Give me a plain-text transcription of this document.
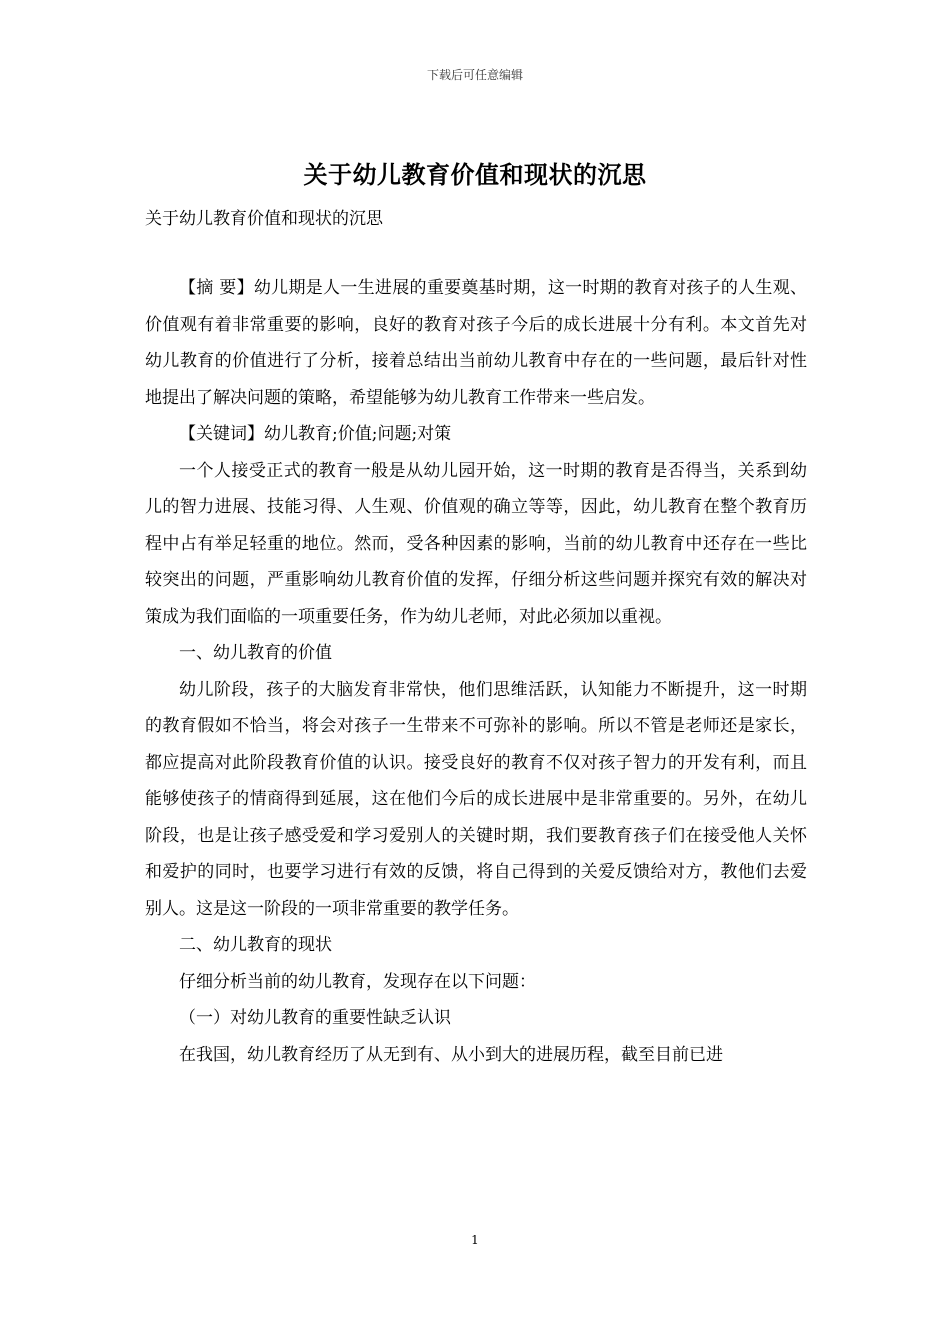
下载后可任意编辑
关于幼儿教育价值和现状的沉思
关于幼儿教育价值和现状的沉思

【摘 要】幼儿期是人一生进展的重要奠基时期，这一时期的教育对孩子的人生观、价值观有着非常重要的影响，良好的教育对孩子今后的成长进展十分有利。本文首先对幼儿教育的价值进行了分析，接着总结出当前幼儿教育中存在的一些问题，最后针对性地提出了解决问题的策略，希望能够为幼儿教育工作带来一些启发。

【关键词】幼儿教育;价值;问题;对策

一个人接受正式的教育一般是从幼儿园开始，这一时期的教育是否得当，关系到幼儿的智力进展、技能习得、人生观、价值观的确立等等，因此，幼儿教育在整个教育历程中占有举足轻重的地位。然而，受各种因素的影响，当前的幼儿教育中还存在一些比较突出的问题，严重影响幼儿教育价值的发挥，仔细分析这些问题并探究有效的解决对策成为我们面临的一项重要任务，作为幼儿老师，对此必须加以重视。

一、幼儿教育的价值

幼儿阶段，孩子的大脑发育非常快，他们思维活跃，认知能力不断提升，这一时期的教育假如不恰当，将会对孩子一生带来不可弥补的影响。所以不管是老师还是家长，都应提高对此阶段教育价值的认识。接受良好的教育不仅对孩子智力的开发有利，而且能够使孩子的情商得到延展，这在他们今后的成长进展中是非常重要的。另外，在幼儿阶段，也是让孩子感受爱和学习爱别人的关键时期，我们要教育孩子们在接受他人关怀和爱护的同时，也要学习进行有效的反馈，将自己得到的关爱反馈给对方，教他们去爱别人。这是这一阶段的一项非常重要的教学任务。

二、幼儿教育的现状

仔细分析当前的幼儿教育，发现存在以下问题：

（一）对幼儿教育的重要性缺乏认识

在我国，幼儿教育经历了从无到有、从小到大的进展历程，截至目前已进

1
